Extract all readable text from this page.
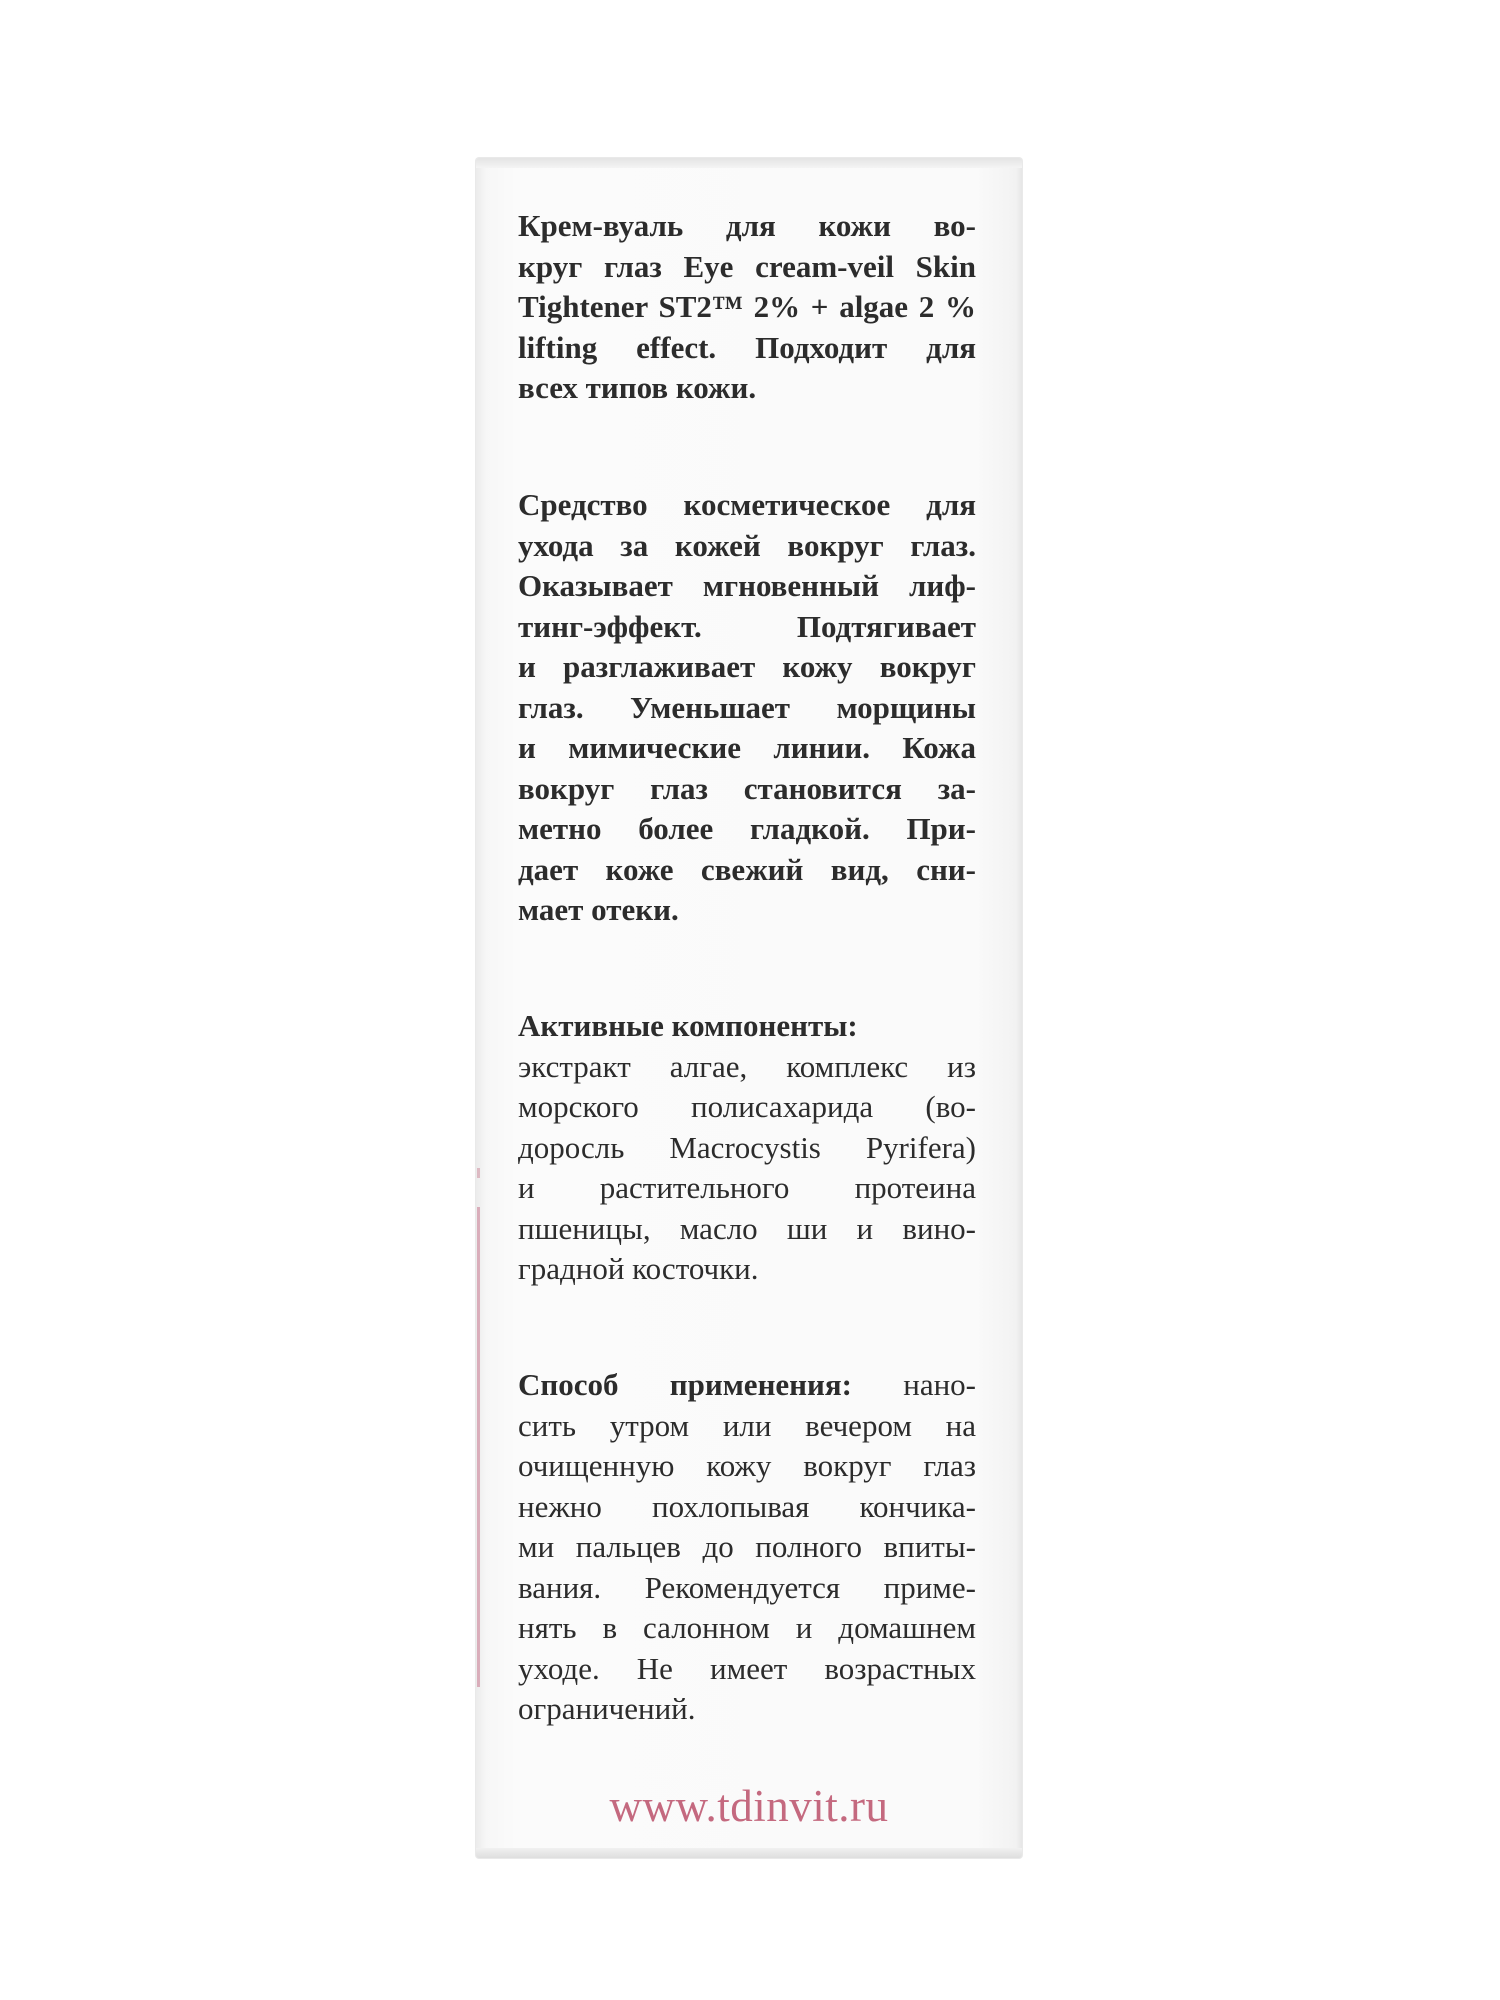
Крем-вуаль для кожи во-
круг глаз Eye cream-veil Skin
Tightener ST2™ 2% + algae 2 %
lifting effect. Подходит для
всех типов кожи.
Средство косметическое для
ухода за кожей вокруг глаз.
Оказывает мгновенный лиф-
тинг-эффект. Подтягивает
и разглаживает кожу вокруг
глаз. Уменьшает морщины
и мимические линии. Кожа
вокруг глаз становится за-
метно более гладкой. При-
дает коже свежий вид, сни-
мает отеки.
Активные компоненты:
экстракт алгае, комплекс из
морского полисахарида (во-
доросль Macrocystis Pyrifera)
и растительного протеина
пшеницы, масло ши и вино-
градной косточки.
Способ применения: нано-
сить утром или вечером на
очищенную кожу вокруг глаз
нежно похлопывая кончика-
ми пальцев до полного впиты-
вания. Рекомендуется приме-
нять в салонном и домашнем
уходе. Не имеет возрастных
ограничений.
www.tdinvit.ru
